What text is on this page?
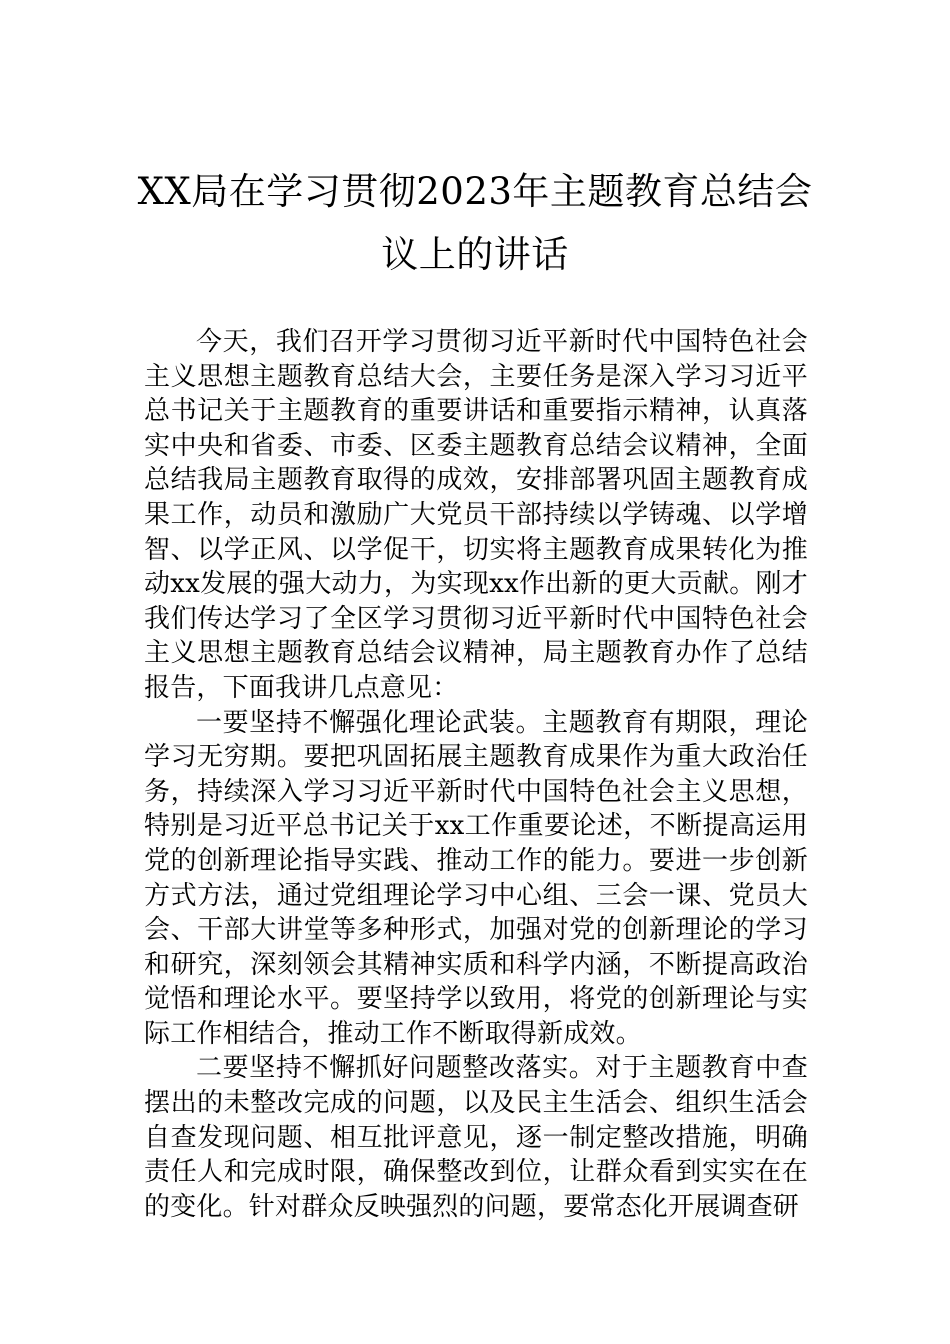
XX局在学习贯彻2023年主题教育总结会
议上的讲话

今天，我们召开学习贯彻习近平新时代中国特色社会主义思想主题教育总结大会，主要任务是深入学习习近平总书记关于主题教育的重要讲话和重要指示精神，认真落实中央和省委、市委、区委主题教育总结会议精神，全面总结我局主题教育取得的成效，安排部署巩固主题教育成果工作，动员和激励广大党员干部持续以学铸魂、以学增智、以学正风、以学促干，切实将主题教育成果转化为推动xx发展的强大动力，为实现xx作出新的更大贡献。刚才我们传达学习了全区学习贯彻习近平新时代中国特色社会主义思想主题教育总结会议精神，局主题教育办作了总结报告，下面我讲几点意见：

一要坚持不懈强化理论武装。主题教育有期限，理论学习无穷期。要把巩固拓展主题教育成果作为重大政治任务，持续深入学习习近平新时代中国特色社会主义思想，特别是习近平总书记关于xx工作重要论述，不断提高运用党的创新理论指导实践、推动工作的能力。要进一步创新方式方法，通过党组理论学习中心组、三会一课、党员大会、干部大讲堂等多种形式，加强对党的创新理论的学习和研究，深刻领会其精神实质和科学内涵，不断提高政治觉悟和理论水平。要坚持学以致用，将党的创新理论与实际工作相结合，推动工作不断取得新成效。

二要坚持不懈抓好问题整改落实。对于主题教育中查摆出的未整改完成的问题，以及民主生活会、组织生活会自查发现问题、相互批评意见，逐一制定整改措施，明确责任人和完成时限，确保整改到位，让群众看到实实在在的变化。针对群众反映强烈的问题，要常态化开展调查研
